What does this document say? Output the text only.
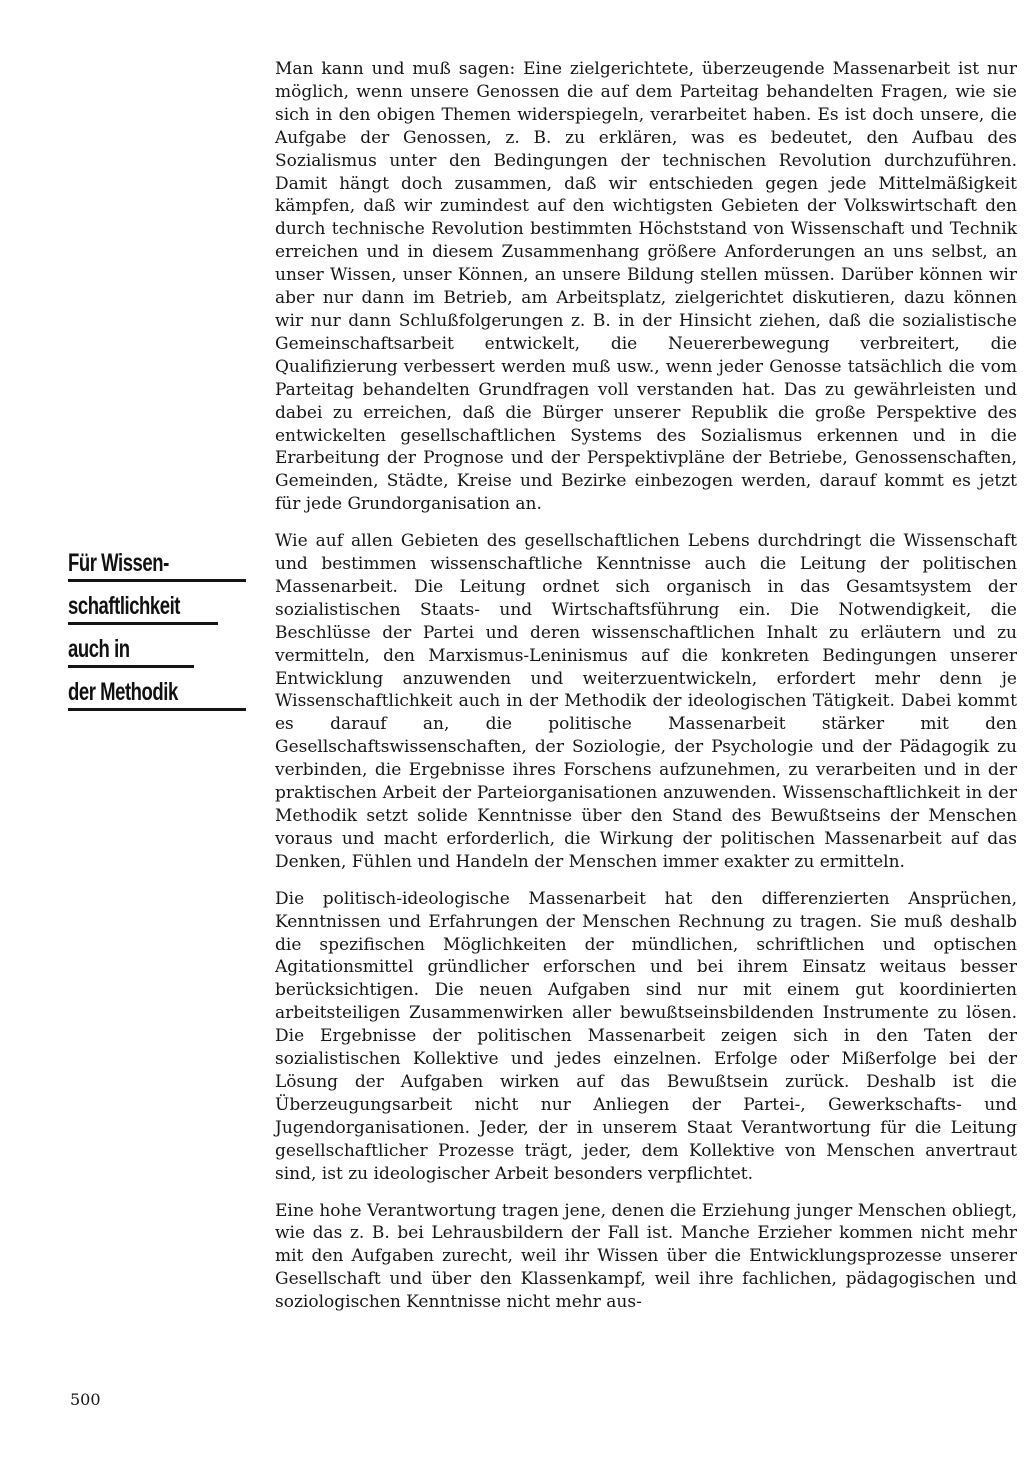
Für Wissen-
schaftlichkeit
auch in
der Methodik

Man kann und muß sagen: Eine zielgerichtete, überzeugende Massenarbeit ist nur möglich, wenn unsere Genossen die auf dem Parteitag behandelten Fragen, wie sie sich in den obigen Themen widerspiegeln, verarbeitet haben. Es ist doch unsere, die Aufgabe der Genossen, z. B. zu erklären, was es bedeutet, den Aufbau des Sozialismus unter den Bedingungen der technischen Revolution durchzuführen. Damit hängt doch zusammen, daß wir entschieden gegen jede Mittelmäßigkeit kämpfen, daß wir zumindest auf den wichtigsten Gebieten der Volkswirtschaft den durch technische Revolution bestimmten Höchststand von Wissenschaft und Technik erreichen und in diesem Zusammenhang größere Anforderungen an uns selbst, an unser Wissen, unser Können, an unsere Bildung stellen müssen. Darüber können wir aber nur dann im Betrieb, am Arbeitsplatz, zielgerichtet diskutieren, dazu können wir nur dann Schlußfolgerungen z. B. in der Hinsicht ziehen, daß die sozialistische Gemeinschaftsarbeit entwickelt, die Neuererbewegung verbreitert, die Qualifizierung verbessert werden muß usw., wenn jeder Genosse tatsächlich die vom Parteitag behandelten Grundfragen voll verstanden hat. Das zu gewährleisten und dabei zu erreichen, daß die Bürger unserer Republik die große Perspektive des entwickelten gesellschaftlichen Systems des Sozialismus erkennen und in die Erarbeitung der Prognose und der Perspektivpläne der Betriebe, Genossenschaften, Gemeinden, Städte, Kreise und Bezirke einbezogen werden, darauf kommt es jetzt für jede Grundorganisation an.

Wie auf allen Gebieten des gesellschaftlichen Lebens durchdringt die Wissenschaft und bestimmen wissenschaftliche Kenntnisse auch die Leitung der politischen Massenarbeit. Die Leitung ordnet sich organisch in das Gesamtsystem der sozialistischen Staats- und Wirtschaftsführung ein. Die Notwendigkeit, die Beschlüsse der Partei und deren wissenschaftlichen Inhalt zu erläutern und zu vermitteln, den Marxismus-Leninismus auf die konkreten Bedingungen unserer Entwicklung anzuwenden und weiterzuentwickeln, erfordert mehr denn je Wissenschaftlichkeit auch in der Methodik der ideologischen Tätigkeit. Dabei kommt es darauf an, die politische Massenarbeit stärker mit den Gesellschaftswissenschaften, der Soziologie, der Psychologie und der Pädagogik zu verbinden, die Ergebnisse ihres Forschens aufzunehmen, zu verarbeiten und in der praktischen Arbeit der Parteiorganisationen anzuwenden. Wissenschaftlichkeit in der Methodik setzt solide Kenntnisse über den Stand des Bewußtseins der Menschen voraus und macht erforderlich, die Wirkung der politischen Massenarbeit auf das Denken, Fühlen und Handeln der Menschen immer exakter zu ermitteln.

Die politisch-ideologische Massenarbeit hat den differenzierten Ansprüchen, Kenntnissen und Erfahrungen der Menschen Rechnung zu tragen. Sie muß deshalb die spezifischen Möglichkeiten der mündlichen, schriftlichen und optischen Agitationsmittel gründlicher erforschen und bei ihrem Einsatz weitaus besser berücksichtigen. Die neuen Aufgaben sind nur mit einem gut koordinierten arbeitsteiligen Zusammenwirken aller bewußtseinsbildenden Instrumente zu lösen. Die Ergebnisse der politischen Massenarbeit zeigen sich in den Taten der sozialistischen Kollektive und jedes einzelnen. Erfolge oder Mißerfolge bei der Lösung der Aufgaben wirken auf das Bewußtsein zurück. Deshalb ist die Überzeugungsarbeit nicht nur Anliegen der Partei-, Gewerkschafts- und Jugendorganisationen. Jeder, der in unserem Staat Verantwortung für die Leitung gesellschaftlicher Prozesse trägt, jeder, dem Kollektive von Menschen anvertraut sind, ist zu ideologischer Arbeit besonders verpflichtet.

Eine hohe Verantwortung tragen jene, denen die Erziehung junger Menschen obliegt, wie das z. B. bei Lehrausbildern der Fall ist. Manche Erzieher kommen nicht mehr mit den Aufgaben zurecht, weil ihr Wissen über die Entwicklungsprozesse unserer Gesellschaft und über den Klassenkampf, weil ihre fachlichen, pädagogischen und soziologischen Kenntnisse nicht mehr aus-

500
